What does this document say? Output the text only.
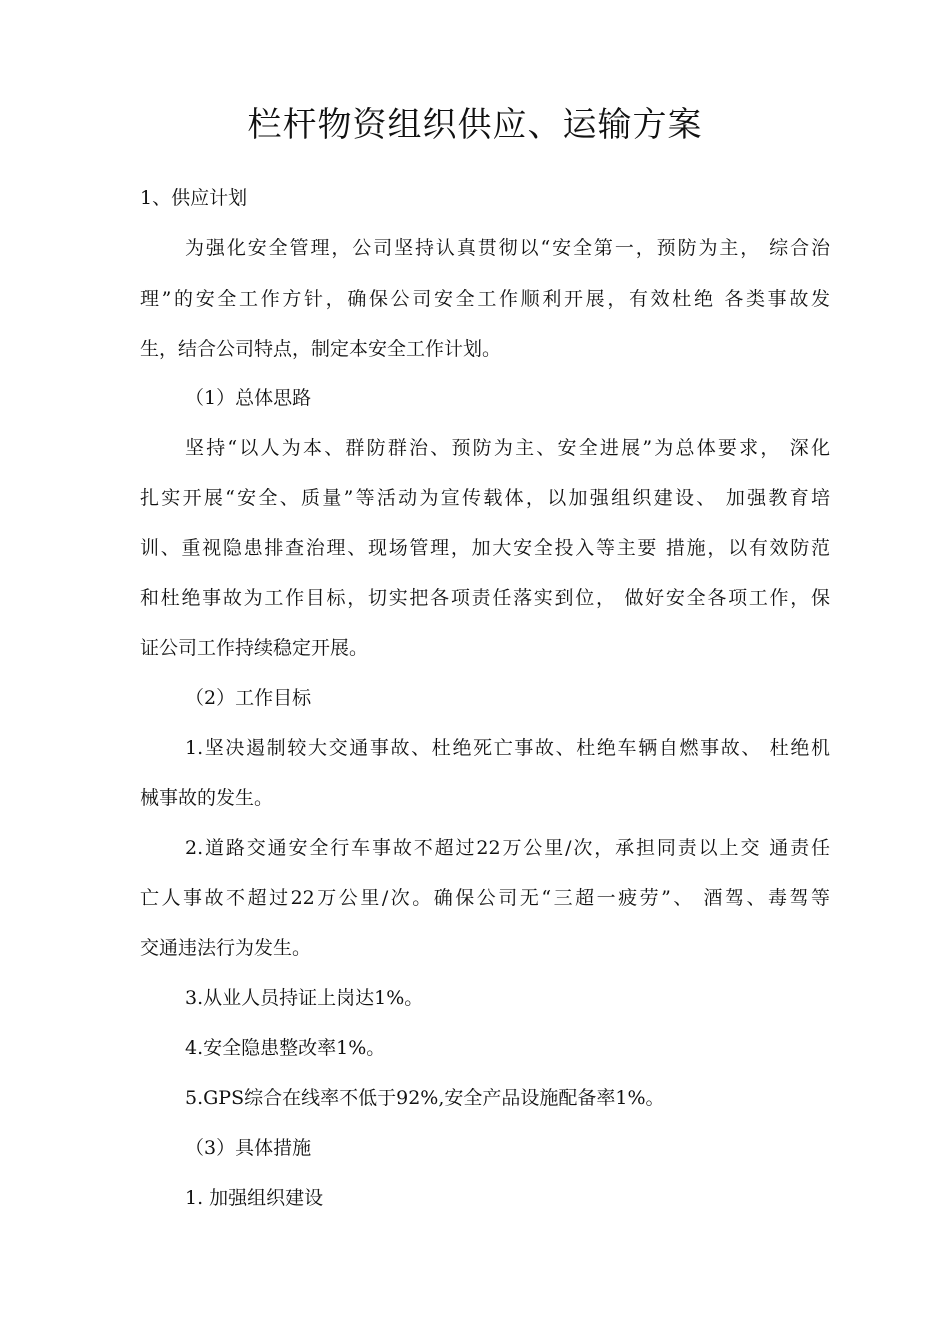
栏杆物资组织供应、运输方案

1、供应计划

为强化安全管理，公司坚持认真贯彻以“安全第一，预防为主， 综合治

理”的安全工作方针，确保公司安全工作顺利开展，有效杜绝 各类事故发

生，结合公司特点，制定本安全工作计划。

（1）总体思路

坚持“以人为本、群防群治、预防为主、安全进展”为总体要求， 深化

扎实开展“安全、质量”等活动为宣传载体，以加强组织建设、 加强教育培

训、重视隐患排查治理、现场管理，加大安全投入等主要 措施，以有效防范

和杜绝事故为工作目标，切实把各项责任落实到位， 做好安全各项工作，保

证公司工作持续稳定开展。

（2）工作目标

1.坚决遏制较大交通事故、杜绝死亡事故、杜绝车辆自燃事故、 杜绝机

械事故的发生。

2.道路交通安全行车事故不超过22万公里/次，承担同责以上交 通责任

亡人事故不超过22万公里/次。确保公司无“三超一疲劳”、 酒驾、毒驾等

交通违法行为发生。

3.从业人员持证上岗达1%。

4.安全隐患整改率1%。

5.GPS综合在线率不低于92%,安全产品设施配备率1%。

（3）具体措施

1. 加强组织建设
